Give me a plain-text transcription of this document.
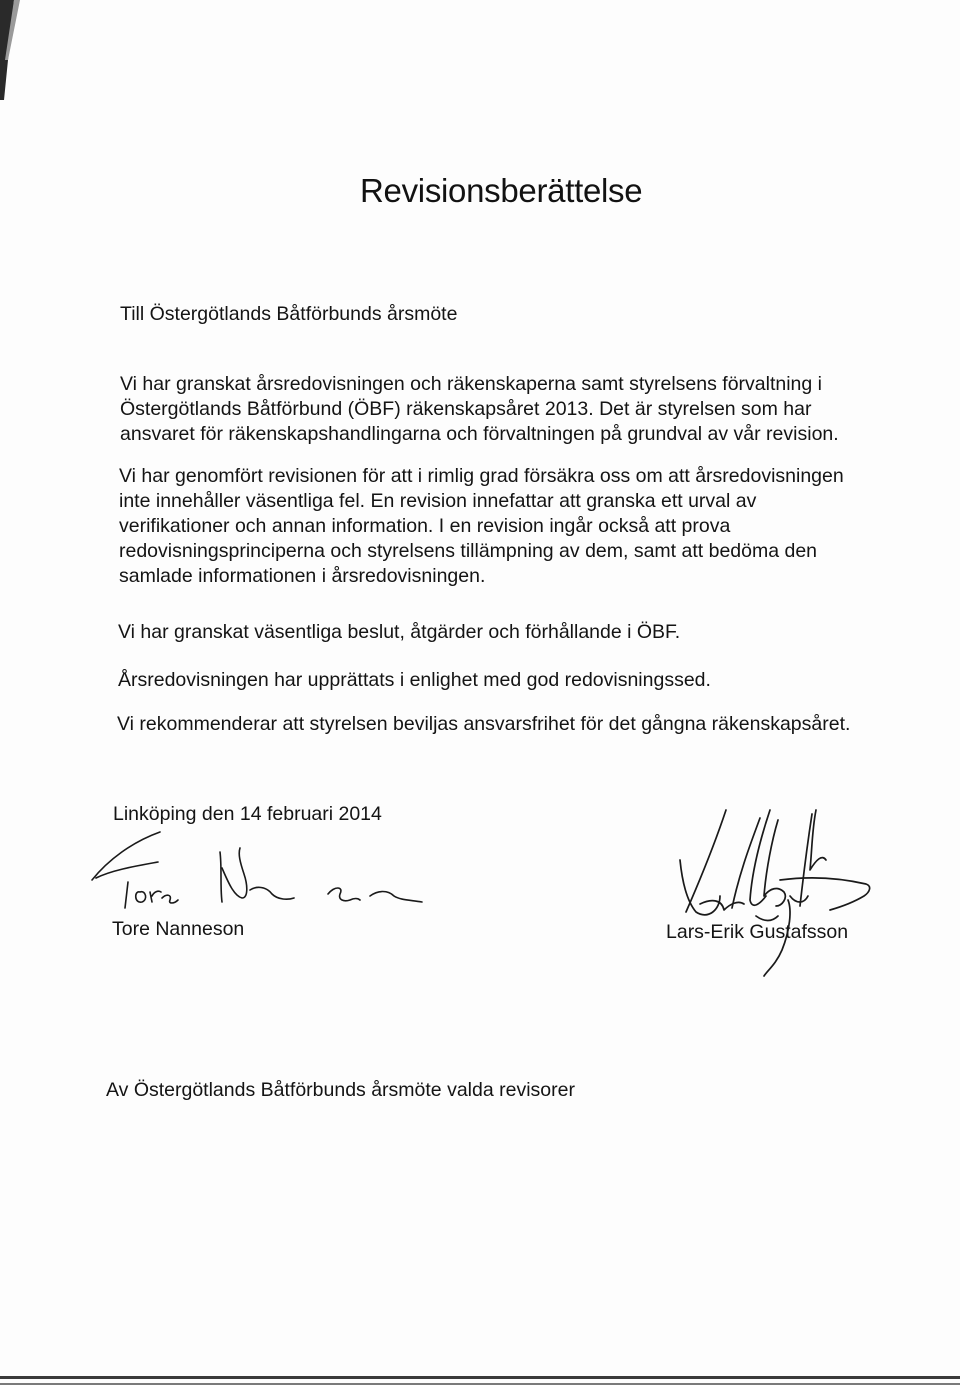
Revisionsberättelse
Till Östergötlands Båtförbunds årsmöte
Vi har granskat årsredovisningen och räkenskaperna samt styrelsens förvaltning i
Östergötlands Båtförbund (ÖBF) räkenskapsåret 2013. Det är styrelsen som har
ansvaret för räkenskapshandlingarna och förvaltningen på grundval av vår revision.
Vi har genomfört revisionen för att i rimlig grad försäkra oss om att årsredovisningen
inte innehåller väsentliga fel. En revision innefattar att granska ett urval av
verifikationer och annan information. I en revision ingår också att prova
redovisningsprinciperna och styrelsens tillämpning av dem, samt att bedöma den
samlade informationen i årsredovisningen.
Vi har granskat väsentliga beslut, åtgärder och förhållande i ÖBF.
Årsredovisningen har upprättats i enlighet med god redovisningssed.
Vi rekommenderar att styrelsen beviljas ansvarsfrihet för det gångna räkenskapsåret.
Linköping den 14 februari 2014
Tore Nanneson	Lars-Erik Gustafsson
Av Östergötlands Båtförbunds årsmöte valda revisorer
